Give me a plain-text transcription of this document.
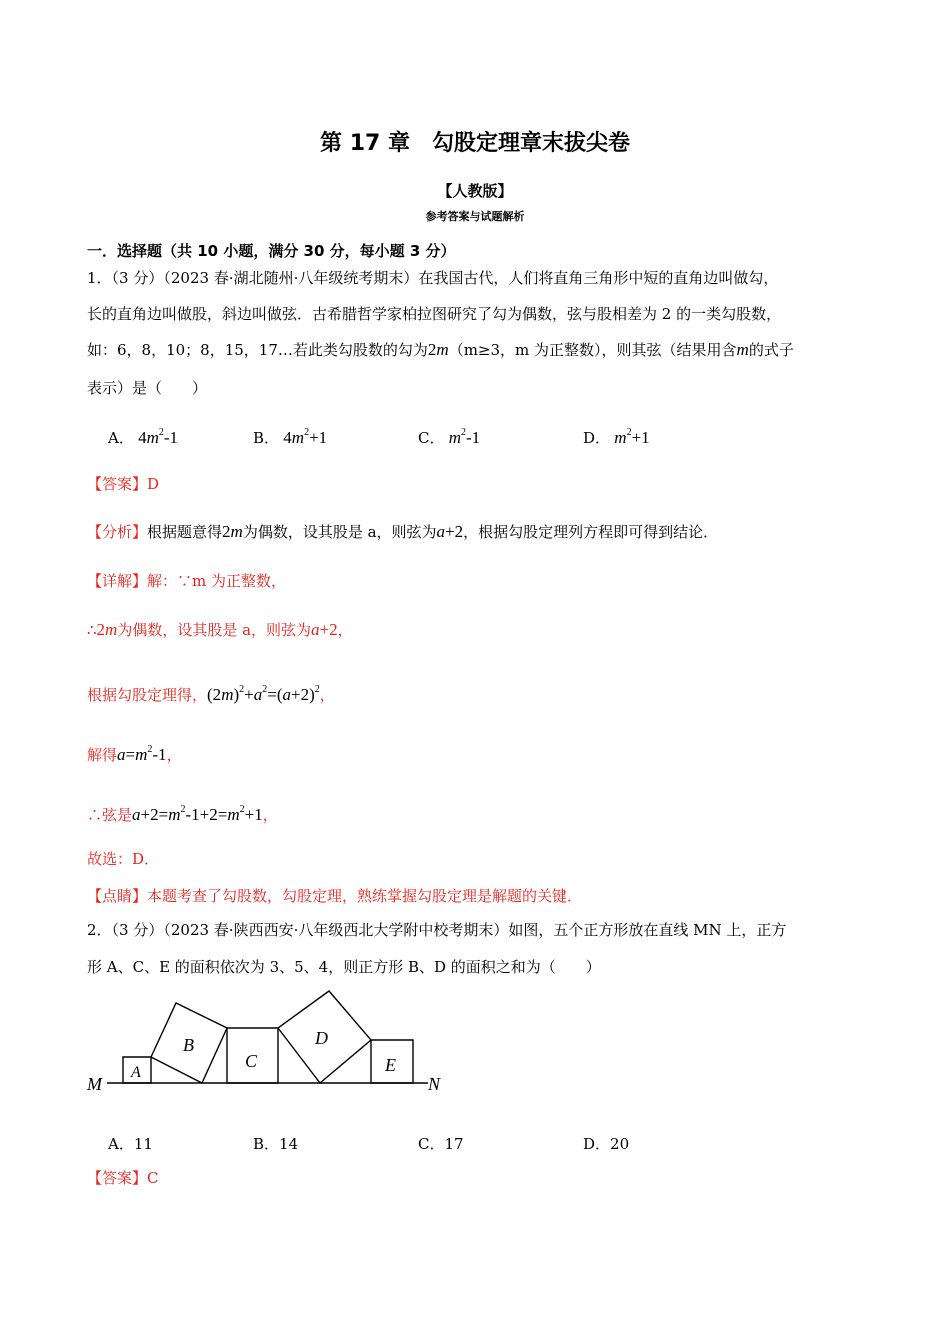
第 17 章　勾股定理章末拔尖卷
【人教版】
参考答案与试题解析
一．选择题（共 10 小题，满分 30 分，每小题 3 分）
1．（3 分）（2023 春·湖北随州·八年级统考期末）在我国古代，人们将直角三角形中短的直角边叫做勾，
长的直角边叫做股，斜边叫做弦．古希腊哲学家柏拉图研究了勾为偶数，弦与股相差为 2 的一类勾股数，
如：6，8，10；8，15，17…若此类勾股数的勾为2m（m≥3，m 为正整数），则其弦（结果用含m的式子
表示）是（　　）
A． $4m^2-1$	B． $4m^2+1$	C． $m^2-1$	D． $m^2+1$
【答案】D
【分析】根据题意得2m为偶数，设其股是 a，则弦为a+2，根据勾股定理列方程即可得到结论．
【详解】解：∵m 为正整数，
∴2m为偶数，设其股是 a，则弦为a+2，
根据勾股定理得，$(2m)^2+a^2=(a+2)^2$，
解得$a=m^2-1$，
∴弦是$a+2=m^2-1+2=m^2+1$，
故选：D．
【点睛】本题考查了勾股数，勾股定理，熟练掌握勾股定理是解题的关键．
2．（3 分）（2023 春·陕西西安·八年级西北大学附中校考期末）如图，五个正方形放在直线 MN 上，正方
形 A、C、E 的面积依次为 3、5、4，则正方形 B、D 的面积之和为（　　）
M	N
A
B
C
D
E
A．11	B．14	C．17	D．20
【答案】C
